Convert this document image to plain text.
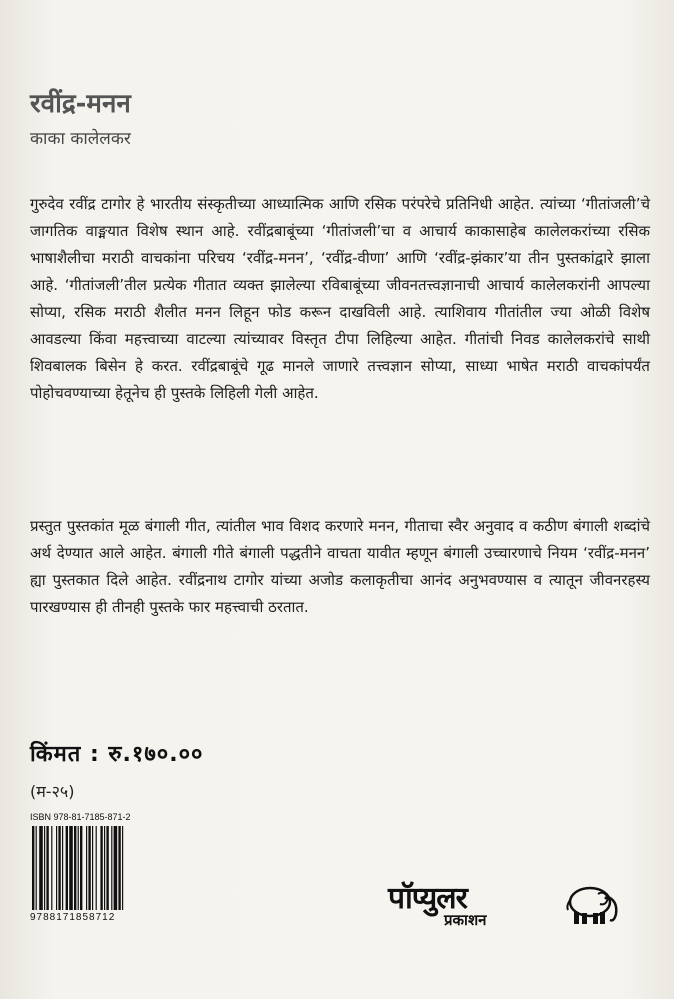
रवींद्र-मनन
काका कालेलकर

गुरुदेव रवींद्र टागोर हे भारतीय संस्कृतीच्या आध्यात्मिक आणि रसिक परंपरेचे प्रतिनिधी आहेत. त्यांच्या ‘गीतांजली’चे जागतिक वाङ्मयात विशेष स्थान आहे. रवींद्रबाबूंच्या ‘गीतांजली’चा व आचार्य काकासाहेब कालेलकरांच्या रसिक भाषाशैलीचा मराठी वाचकांना परिचय ‘रवींद्र-मनन’, ‘रवींद्र-वीणा’ आणि ‘रवींद्र-झंकार’या तीन पुस्तकांद्वारे झाला आहे. ‘गीतांजली’तील प्रत्येक गीतात व्यक्त झालेल्या रविबाबूंच्या जीवनतत्त्वज्ञानाची आचार्य कालेलकरांनी आपल्या सोप्या, रसिक मराठी शैलीत मनन लिहून फोड करून दाखविली आहे. त्याशिवाय गीतांतील ज्या ओळी विशेष आवडल्या किंवा महत्त्वाच्या वाटल्या त्यांच्यावर विस्तृत टीपा लिहिल्या आहेत. गीतांची निवड कालेलकरांचे साथी शिवबालक बिसेन हे करत. रवींद्रबाबूंचे गूढ मानले जाणारे तत्त्वज्ञान सोप्या, साध्या भाषेत मराठी वाचकांपर्यंत पोहोचवण्याच्या हेतूनेच ही पुस्तके लिहिली गेली आहेत.

प्रस्तुत पुस्तकांत मूळ बंगाली गीत, त्यांतील भाव विशद करणारे मनन, गीताचा स्वैर अनुवाद व कठीण बंगाली शब्दांचे अर्थ देण्यात आले आहेत. बंगाली गीते बंगाली पद्धतीने वाचता यावीत म्हणून बंगाली उच्चारणाचे नियम ‘रवींद्र-मनन’ ह्या पुस्तकात दिले आहेत. रवींद्रनाथ टागोर यांच्या अजोड कलाकृतीचा आनंद अनुभवण्यास व त्यातून जीवनरहस्य पारखण्यास ही तीनही पुस्तके फार महत्त्वाची ठरतात.

किंमत : रु.१७०.००
(म-२५)
ISBN 978-81-7185-871-2
9788171858712
पॉप्युलर
प्रकाशन
